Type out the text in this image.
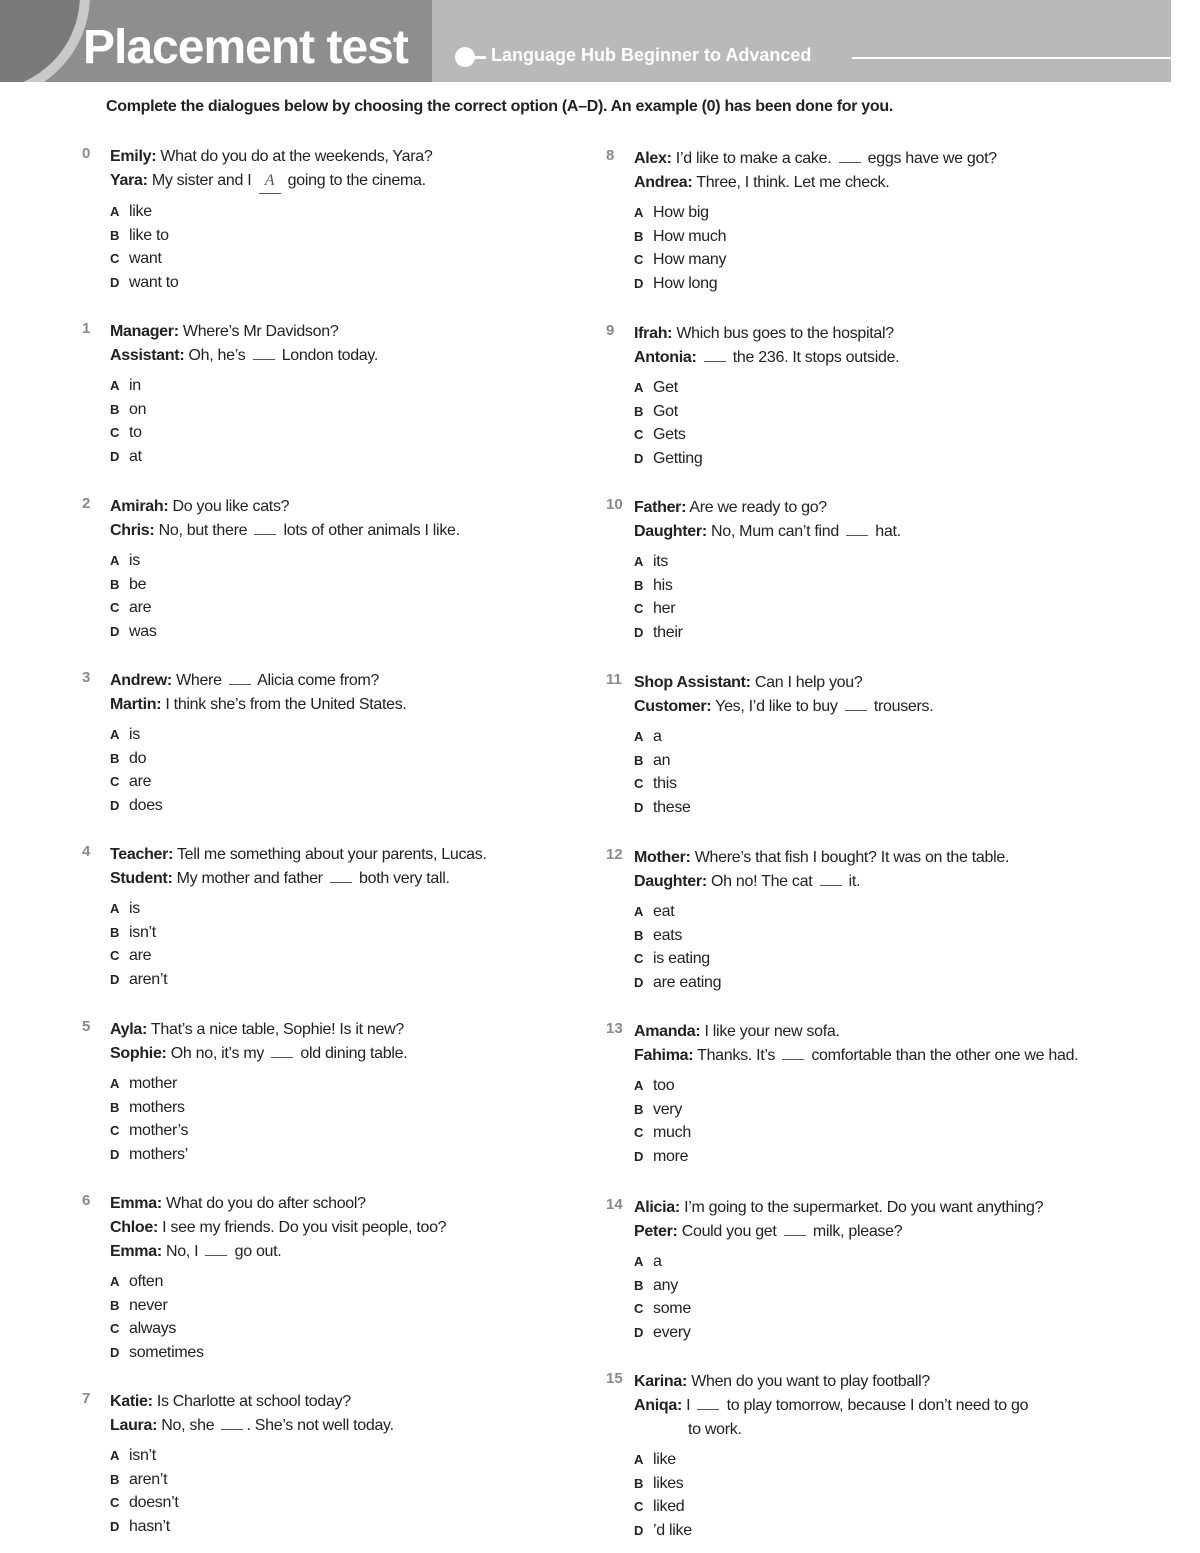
Placement test	Language Hub Beginner to Advanced
Complete the dialogues below by choosing the correct option (A–D). An example (0) has been done for you.
0	Emily: What do you do at the weekends, Yara?
Yara: My sister and I A going to the cinema.
A like
B like to
C want
D want to
1	Manager: Where’s Mr Davidson?
Assistant: Oh, he’s  London today.
A in
B on
C to
D at
2	Amirah: Do you like cats?
Chris: No, but there  lots of other animals I like.
A is
B be
C are
D was
3	Andrew: Where  Alicia come from?
Martin: I think she’s from the United States.
A is
B do
C are
D does
4	Teacher: Tell me something about your parents, Lucas.
Student: My mother and father  both very tall.
A is
B isn’t
C are
D aren’t
5	Ayla: That’s a nice table, Sophie! Is it new?
Sophie: Oh no, it’s my  old dining table.
A mother
B mothers
C mother’s
D mothers’
6	Emma: What do you do after school?
Chloe: I see my friends. Do you visit people, too?
Emma: No, I  go out.
A often
B never
C always
D sometimes
7	Katie: Is Charlotte at school today?
Laura: No, she . She’s not well today.
A isn’t
B aren’t
C doesn’t
D hasn’t
8	Alex: I’d like to make a cake.  eggs have we got?
Andrea: Three, I think. Let me check.
A How big
B How much
C How many
D How long
9	Ifrah: Which bus goes to the hospital?
Antonia:  the 236. It stops outside.
A Get
B Got
C Gets
D Getting
10 Father: Are we ready to go?
Daughter: No, Mum can’t find  hat.
A its
B his
C her
D their
11 Shop Assistant: Can I help you?
Customer: Yes, I’d like to buy  trousers.
A a
B an
C this
D these
12 Mother: Where’s that fish I bought? It was on the table.
Daughter: Oh no! The cat  it.
A eat
B eats
C is eating
D are eating
13 Amanda: I like your new sofa.
Fahima: Thanks. It’s  comfortable than the other one we had.
A too
B very
C much
D more
14 Alicia: I’m going to the supermarket. Do you want anything?
Peter: Could you get  milk, please?
A a
B any
C some
D every
15 Karina: When do you want to play football?
Aniqa: I  to play tomorrow, because I don’t need to go
to work.
A like
B likes
C liked
D ’d like
